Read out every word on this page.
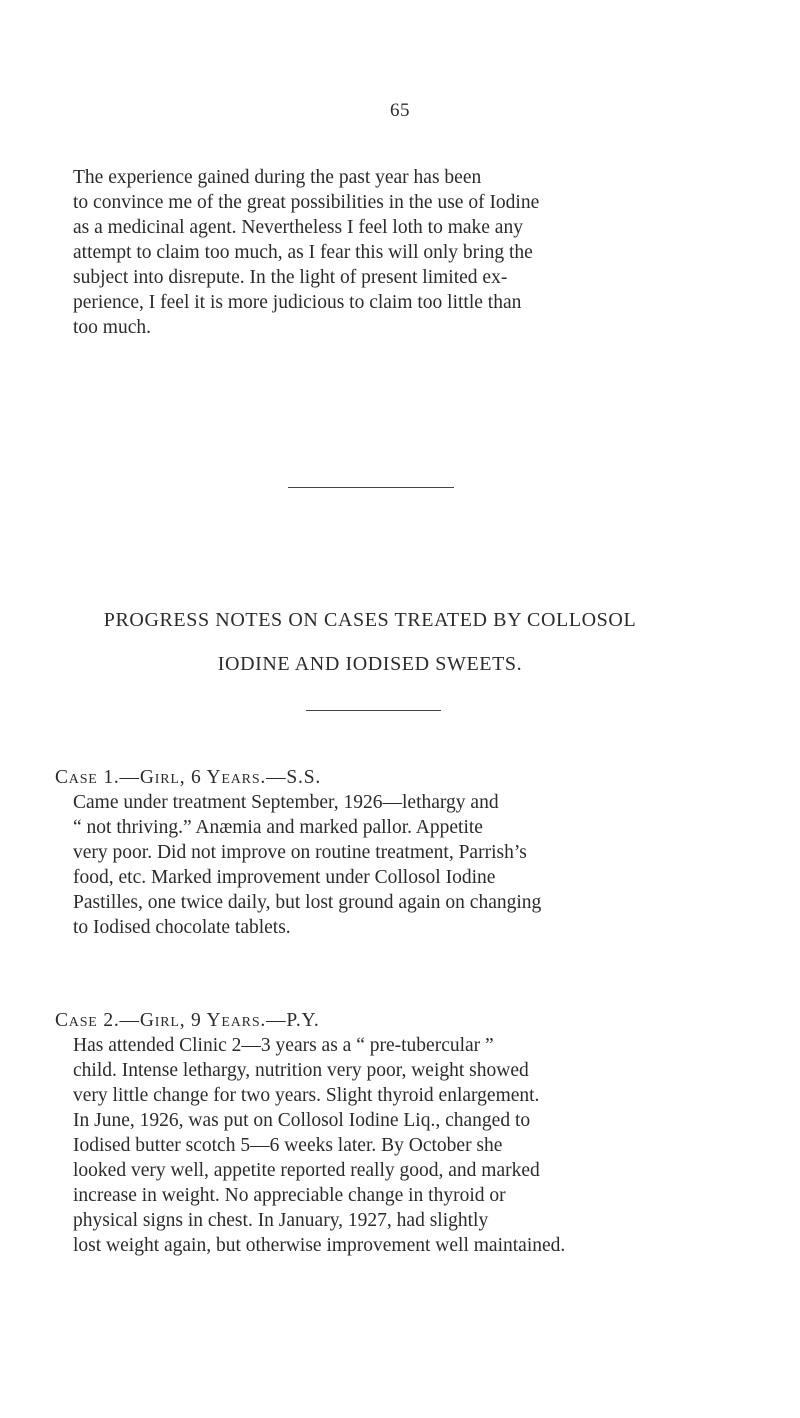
65
The experience gained during the past year has been
to convince me of the great possibilities in the use of Iodine
as a medicinal agent. Nevertheless I feel loth to make any
attempt to claim too much, as I fear this will only bring the
subject into disrepute. In the light of present limited ex-
perience, I feel it is more judicious to claim too little than
too much.
PROGRESS NOTES ON CASES TREATED BY COLLOSOL
IODINE AND IODISED SWEETS.

Case 1.—Girl, 6 Years.—S.S.

Came under treatment September, 1926—lethargy and
“ not thriving.” Anæmia and marked pallor. Appetite
very poor. Did not improve on routine treatment, Parrish’s
food, etc. Marked improvement under Collosol Iodine
Pastilles, one twice daily, but lost ground again on changing
to Iodised chocolate tablets.

Case 2.—Girl, 9 Years.—P.Y.

Has attended Clinic 2—3 years as a “ pre-tubercular ”
child. Intense lethargy, nutrition very poor, weight showed
very little change for two years. Slight thyroid enlargement.
In June, 1926, was put on Collosol Iodine Liq., changed to
Iodised butter scotch 5—6 weeks later. By October she
looked very well, appetite reported really good, and marked
increase in weight. No appreciable change in thyroid or
physical signs in chest. In January, 1927, had slightly
lost weight again, but otherwise improvement well maintained.
